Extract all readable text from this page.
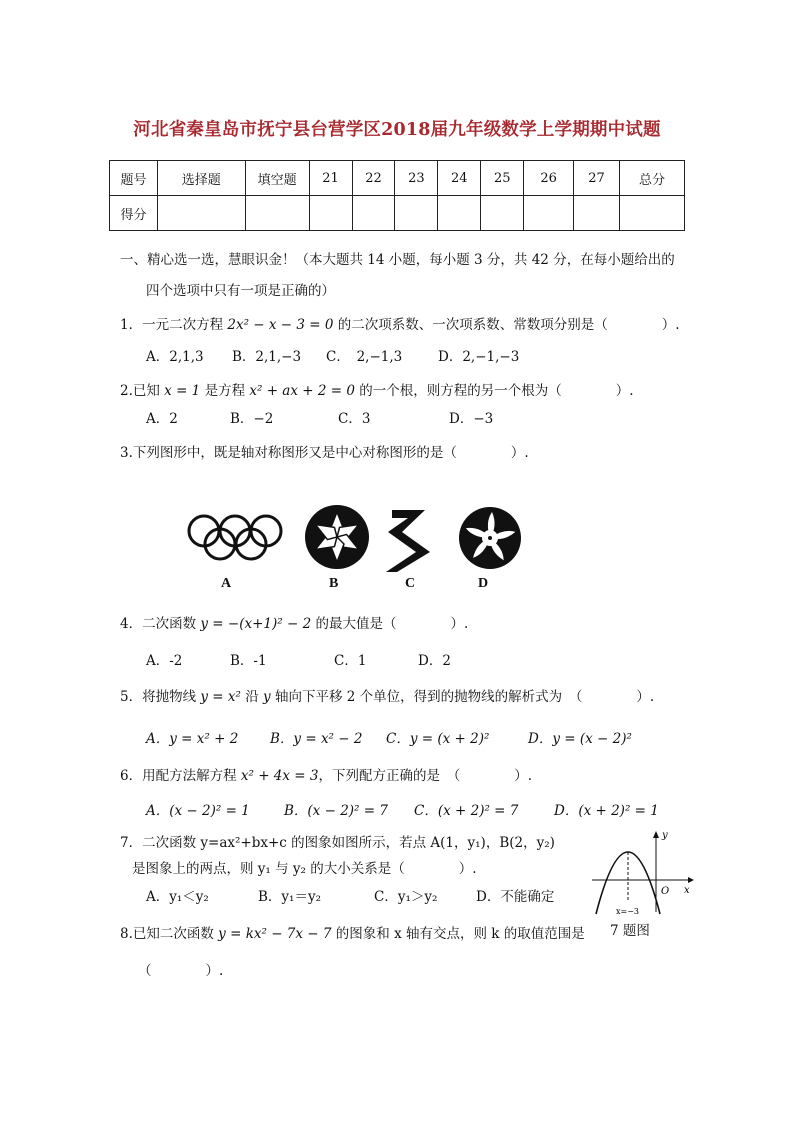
河北省秦皇岛市抚宁县台营学区2018届九年级数学上学期期中试题
题号	选择题	填空题	21	22	23	24	25	26	27	总分
得分										
一、精心选一选，慧眼识金！（本大题共 14 小题，每小题 3 分，共 42 分，在每小题给出的
四个选项中只有一项是正确的）
1．一元二次方程 2x² − x − 3 = 0 的二次项系数、一次项系数、常数项分别是（　　　　）.
A．2,1,3 B．2,1,−3 C．　2,−1,3	D．2,−1,−3
2.已知 x = 1 是方程 x² + ax + 2 = 0 的一个根，则方程的另一个根为（　　　　）.
A．2	B．−2	C．3	D．−3
3.下列图形中，既是轴对称图形又是中心对称图形的是（　　　　）.
A	B	C	D
4．二次函数 y = −(x+1)² − 2 的最大值是（　　　　）.
A．-2	B．-1	C．1	D．2
5．将抛物线 y = x² 沿 y 轴向下平移 2 个单位，得到的抛物线的解析式为　（　　　　）.
A．y = x² + 2 B．y = x² − 2 C．y = (x + 2)²	D．y = (x − 2)²
6．用配方法解方程 x² + 4x = 3，下列配方正确的是　（　　　　）.
A．(x − 2)² = 1	B．(x − 2)² = 7 C．(x + 2)² = 7	D．(x + 2)² = 1
7．二次函数 y=ax²+bx+c 的图象如图所示，若点 A(1，y₁)，B(2，y₂)
是图象上的两点，则 y₁ 与 y₂ 的大小关系是（　　　　）.
A．y₁＜y₂	B．y₁＝y₂	C．y₁＞y₂	D．不能确定
y
x
O
x=−3
7 题图
8.已知二次函数 y = kx² − 7x − 7 的图象和 x 轴有交点，则 k 的取值范围是
（　　　　）.
